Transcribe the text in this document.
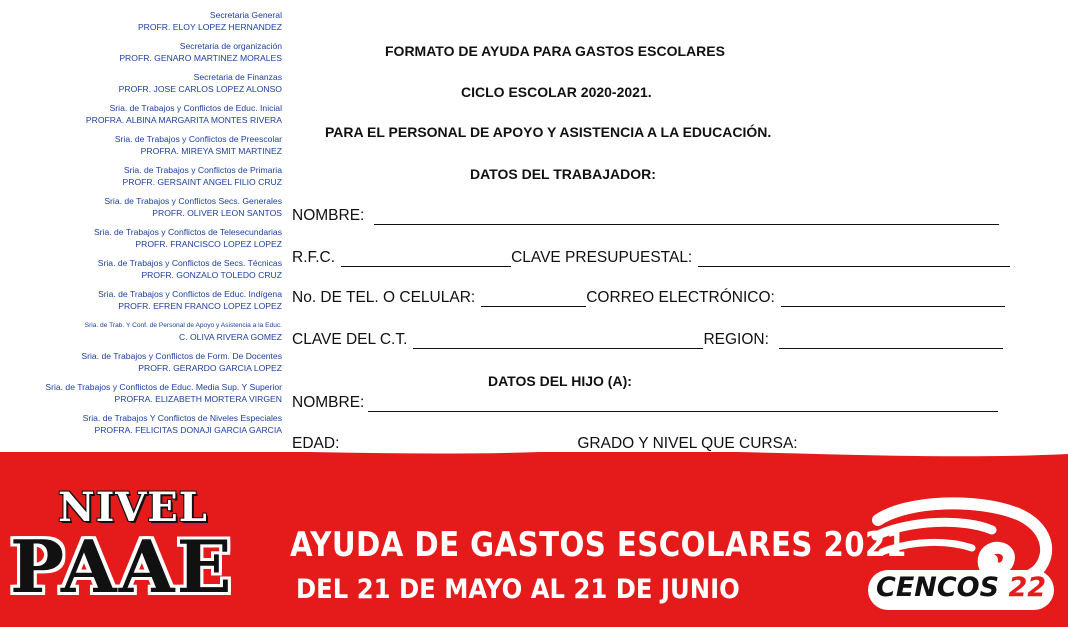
Secretaria General
PROFR. ELOY LOPEZ HERNANDEZ
Secretaria de organización
PROFR. GENARO MARTINEZ MORALES
Secretaria de Finanzas
PROFR. JOSE CARLOS LOPEZ ALONSO
Sria. de Trabajos y Conflictos de Educ. Inicial
PROFRA. ALBINA MARGARITA MONTES RIVERA
Sria. de Trabajos y Conflictos de Preescolar
PROFRA. MIREYA SMIT MARTINEZ
Sria. de Trabajos y Conflictos de Primaria
PROFR. GERSAINT ANGEL FILIO CRUZ
Sria. de Trabajos y Conflictos Secs. Generales
PROFR. OLIVER LEON SANTOS
Sria. de Trabajos y Conflictos de Telesecundarias
PROFR. FRANCISCO LOPEZ LOPEZ
Sria. de Trabajos y Conflictos de Secs. Técnicas
PROFR. GONZALO TOLEDO CRUZ
Sria. de Trabajos y Conflictos de Educ. Indígena
PROFR. EFREN FRANCO LOPEZ LOPEZ
Sria. de Trab. Y Conf. de Personal de Apoyo y Asistencia a la Educ.
C. OLIVA RIVERA GOMEZ
Sria. de Trabajos y Conflictos de Form. De Docentes
PROFR. GERARDO GARCIA LOPEZ
Sria. de Trabajos y Conflictos de Educ. Media Sup. Y Superior
PROFRA. ELIZABETH MORTERA VIRGEN
Sria. de Trabajos Y Conflictos de Niveles Especiales
PROFRA. FELICITAS DONAJI GARCIA GARCIA
FORMATO DE AYUDA PARA GASTOS ESCOLARES
CICLO ESCOLAR 2020-2021.
PARA EL PERSONAL DE APOYO Y ASISTENCIA A LA EDUCACIÓN.
DATOS DEL TRABAJADOR:
NOMBRE:
R.F.C.	CLAVE PRESUPUESTAL:
No. DE TEL. O CELULAR:	CORREO ELECTRÓNICO:
CLAVE DEL C.T.	REGION:
DATOS DEL HIJO (A):
NOMBRE:
EDAD:	GRADO Y NIVEL QUE CURSA:
NIVEL
PAAE AYUDA DE GASTOS ESCOLARES 2021
DEL 21 DE MAYO AL 21 DE JUNIO	CENCOS 22
